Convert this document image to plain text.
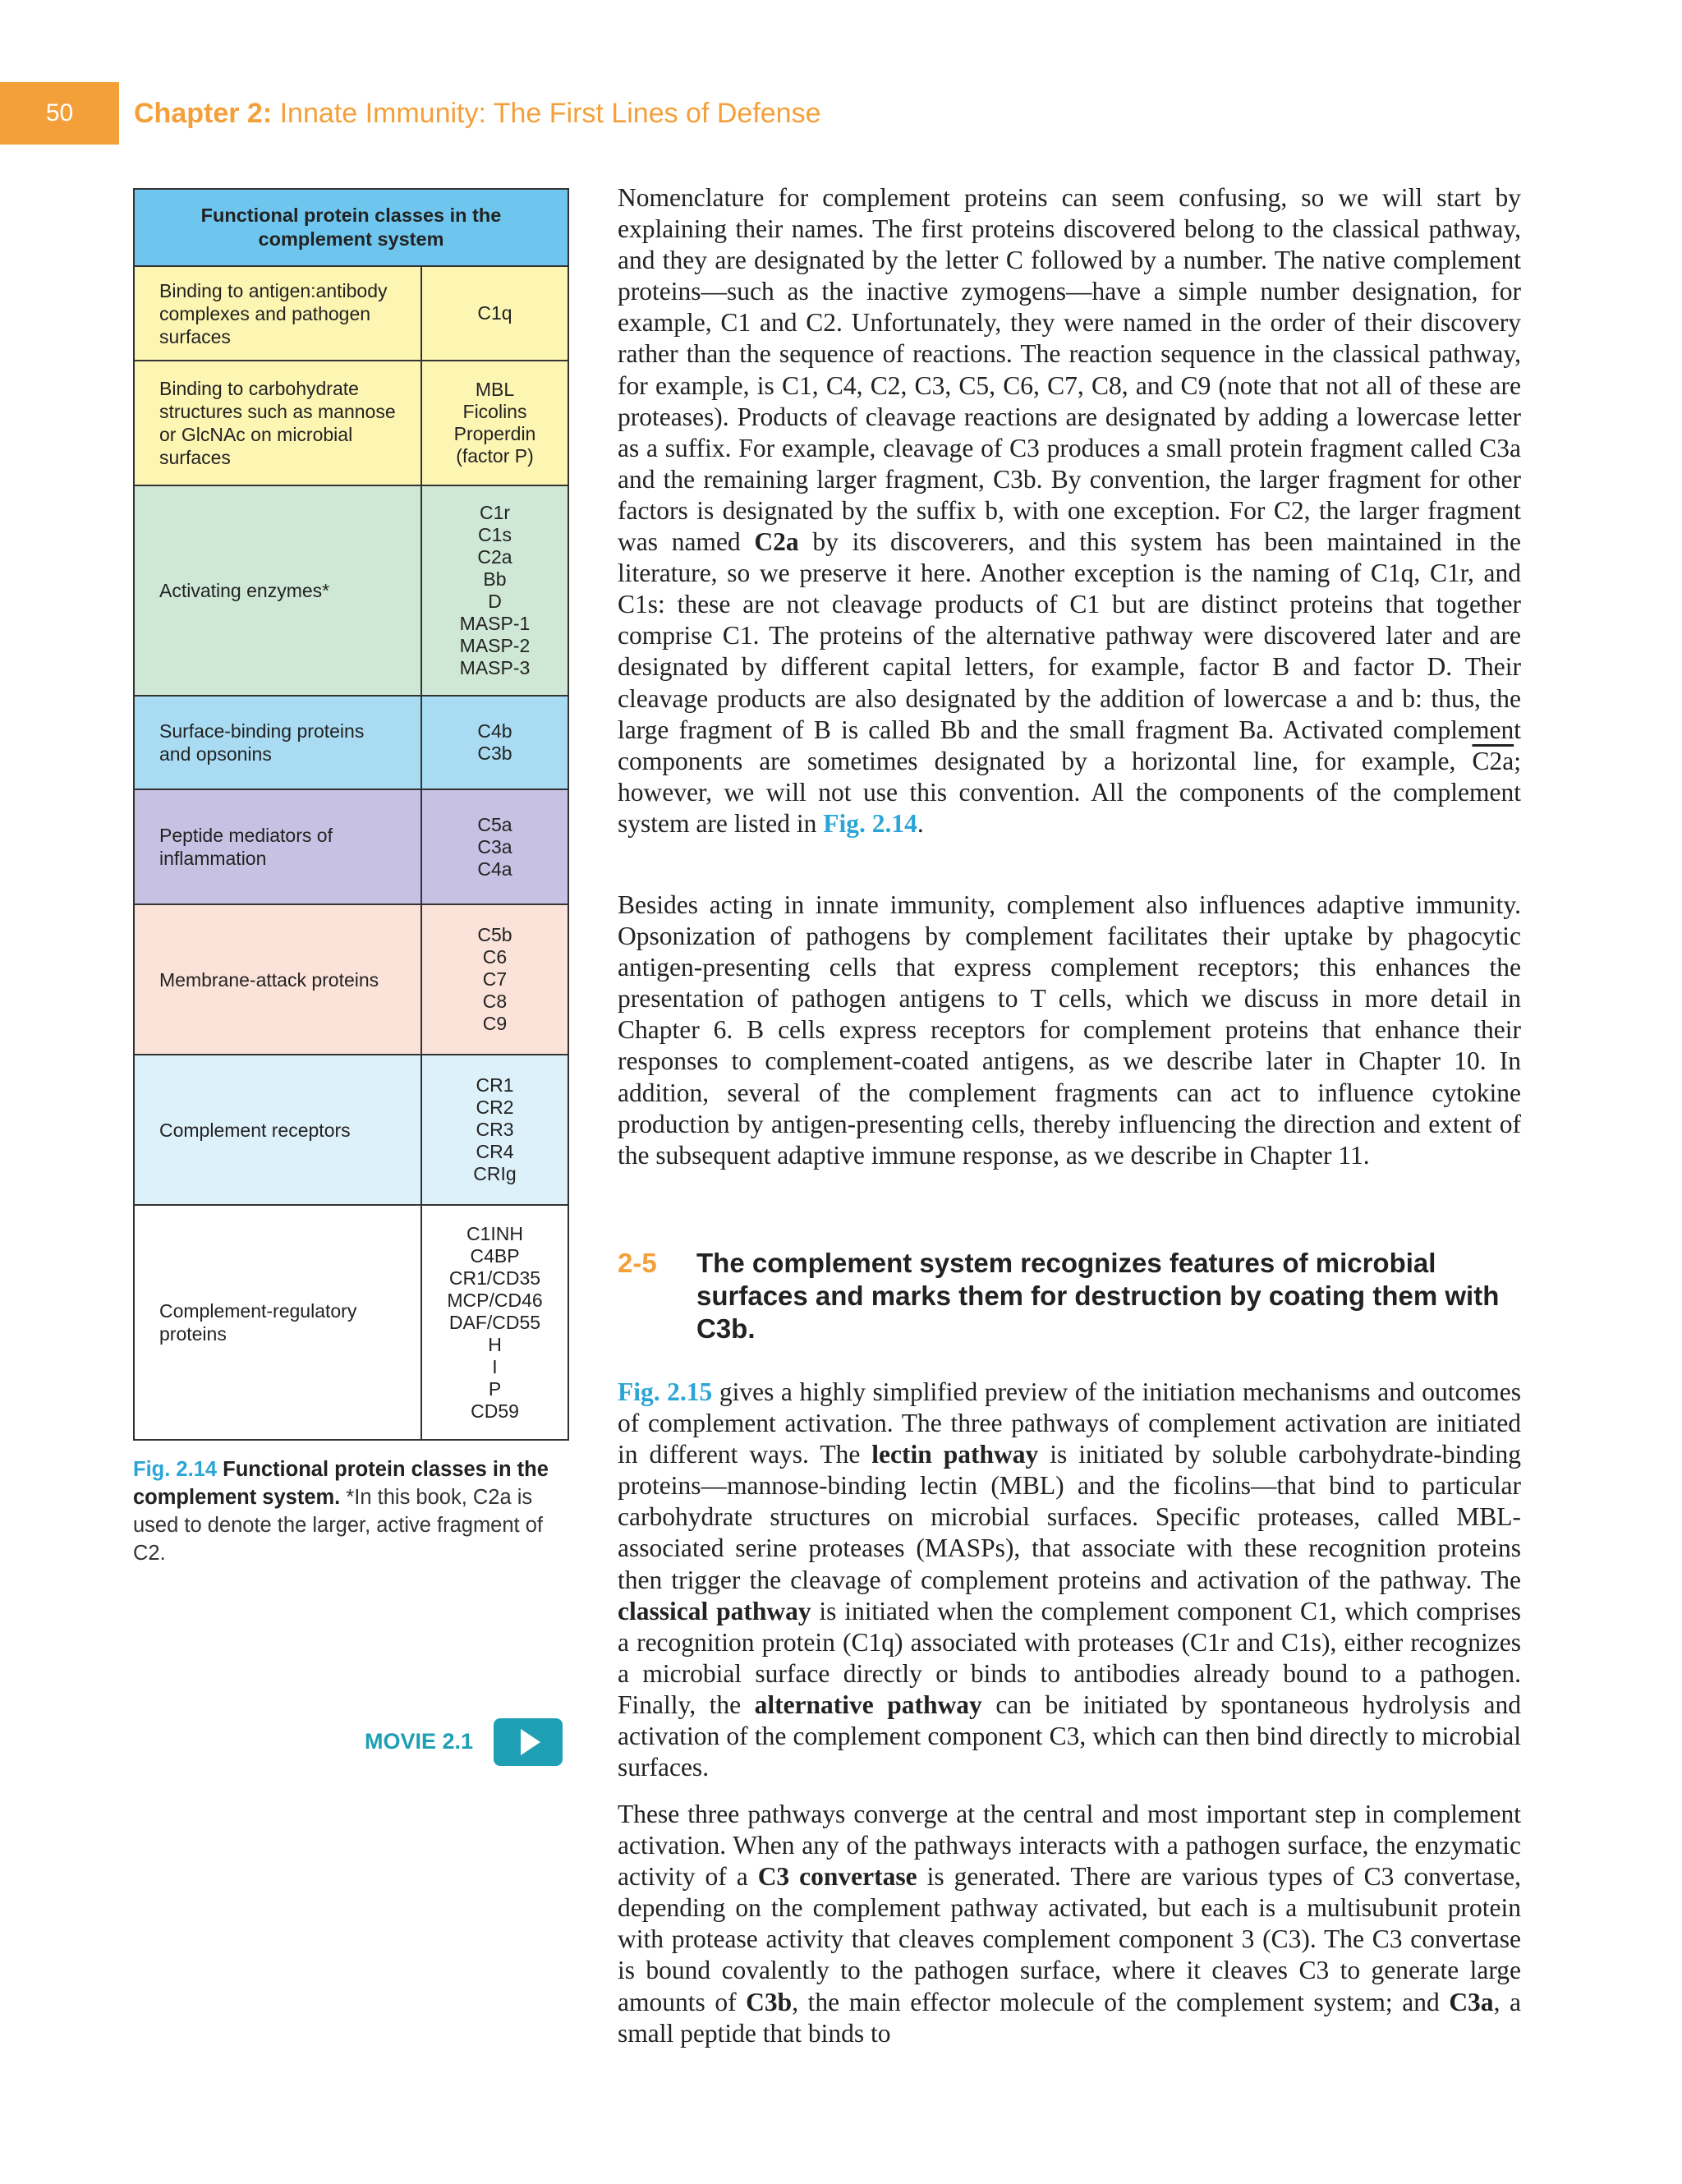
50	Chapter 2: Innate Immunity: The First Lines of Defense
Functional protein classes in the complement system
Binding to antigen:antibody complexes and pathogen surfaces
C1q
Binding to carbohydrate structures such as mannose or GlcNAc on microbial surfaces
MBL
Ficolins
Properdin
(factor P)
Activating enzymes*
C1r
C1s
C2a
Bb
D
MASP-1
MASP-2
MASP-3
Surface-binding proteins and opsonins
C4b
C3b
Peptide mediators of inflammation
C5a
C3a
C4a
Membrane-attack proteins
C5b
C6
C7
C8
C9
Complement receptors
CR1
CR2
CR3
CR4
CRIg
Complement-regulatory proteins
C1INH
C4BP
CR1/CD35
MCP/CD46
DAF/CD55
H
I
P
CD59
Fig. 2.14 Functional protein classes in the complement system. *In this book, C2a is used to denote the larger, active fragment of C2.
MOVIE 2.1
Nomenclature for complement proteins can seem confusing, so we will start by explaining their names. The first proteins discovered belong to the classical pathway, and they are designated by the letter C followed by a number. The native complement proteins—such as the inactive zymogens—have a simple number designation, for example, C1 and C2. Unfortunately, they were named in the order of their discovery rather than the sequence of reactions. The reaction sequence in the classical pathway, for example, is C1, C4, C2, C3, C5, C6, C7, C8, and C9 (note that not all of these are proteases). Products of cleavage reactions are designated by adding a lowercase letter as a suffix. For example, cleavage of C3 produces a small protein fragment called C3a and the remaining larger fragment, C3b. By convention, the larger fragment for other factors is designated by the suffix b, with one exception. For C2, the larger fragment was named C2a by its discoverers, and this system has been maintained in the literature, so we preserve it here. Another exception is the naming of C1q, C1r, and C1s: these are not cleavage products of C1 but are distinct proteins that together comprise C1. The proteins of the alternative pathway were discovered later and are designated by different capital letters, for example, factor B and factor D. Their cleavage products are also designated by the addition of lowercase a and b: thus, the large fragment of B is called Bb and the small fragment Ba. Activated complement components are sometimes designated by a horizontal line, for example, C2a; however, we will not use this convention. All the components of the complement system are listed in Fig. 2.14.
Besides acting in innate immunity, complement also influences adaptive immunity. Opsonization of pathogens by complement facilitates their uptake by phagocytic antigen-presenting cells that express complement receptors; this enhances the presentation of pathogen antigens to T cells, which we discuss in more detail in Chapter 6. B cells express receptors for complement proteins that enhance their responses to complement-coated antigens, as we describe later in Chapter 10. In addition, several of the complement fragments can act to influence cytokine production by antigen-presenting cells, thereby influencing the direction and extent of the subsequent adaptive immune response, as we describe in Chapter 11.
2-5	The complement system recognizes features of microbial surfaces and marks them for destruction by coating them with C3b.
Fig. 2.15 gives a highly simplified preview of the initiation mechanisms and outcomes of complement activation. The three pathways of complement activation are initiated in different ways. The lectin pathway is initiated by soluble carbohydrate-binding proteins—mannose-binding lectin (MBL) and the ficolins—that bind to particular carbohydrate structures on microbial surfaces. Specific proteases, called MBL-associated serine proteases (MASPs), that associate with these recognition proteins then trigger the cleavage of complement proteins and activation of the pathway. The classical pathway is initiated when the complement component C1, which comprises a recognition protein (C1q) associated with proteases (C1r and C1s), either recognizes a microbial surface directly or binds to antibodies already bound to a pathogen. Finally, the alternative pathway can be initiated by spontaneous hydrolysis and activation of the complement component C3, which can then bind directly to microbial surfaces.
These three pathways converge at the central and most important step in complement activation. When any of the pathways interacts with a pathogen surface, the enzymatic activity of a C3 convertase is generated. There are various types of C3 convertase, depending on the complement pathway activated, but each is a multisubunit protein with protease activity that cleaves complement component 3 (C3). The C3 convertase is bound covalently to the pathogen surface, where it cleaves C3 to generate large amounts of C3b, the main effector molecule of the complement system; and C3a, a small peptide that binds to
